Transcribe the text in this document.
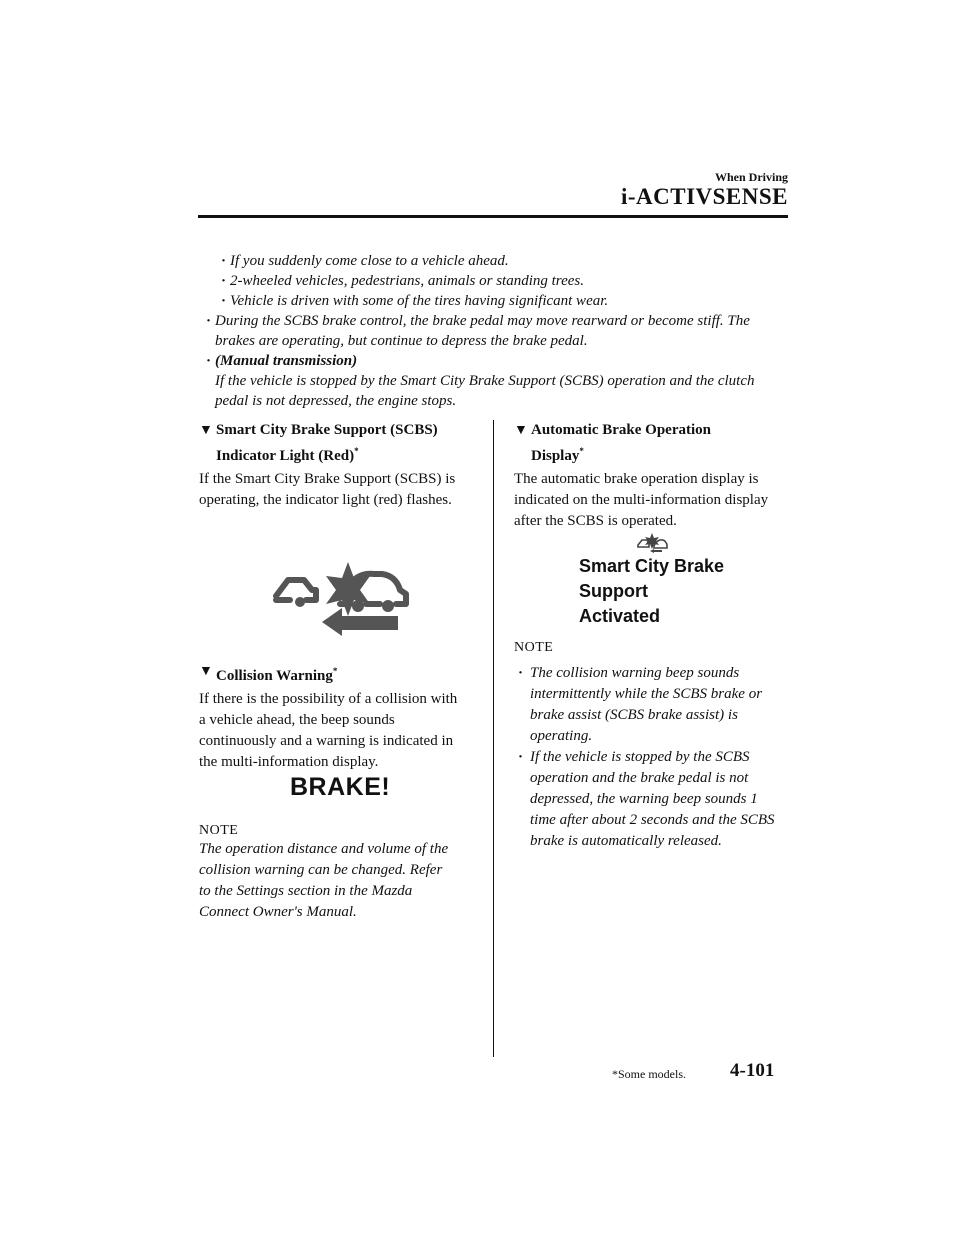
When Driving
i-ACTIVSENSE
· If you suddenly come close to a vehicle ahead.
· 2-wheeled vehicles, pedestrians, animals or standing trees.
· Vehicle is driven with some of the tires having significant wear.
· During the SCBS brake control, the brake pedal may move rearward or become stiff. The
brakes are operating, but continue to depress the brake pedal.
· (Manual transmission)
If the vehicle is stopped by the Smart City Brake Support (SCBS) operation and the clutch
pedal is not depressed, the engine stops.
▼ Smart City Brake Support (SCBS)
Indicator Light (Red)*
If the Smart City Brake Support (SCBS) is
operating, the indicator light (red) flashes.
▼ Collision Warning*
If there is the possibility of a collision with
a vehicle ahead, the beep sounds
continuously and a warning is indicated in
the multi-information display.
BRAKE!
NOTE
The operation distance and volume of the
collision warning can be changed. Refer
to the Settings section in the Mazda
Connect Owner's Manual.
▼ Automatic Brake Operation
Display*
The automatic brake operation display is
indicated on the multi-information display
after the SCBS is operated.
Smart City Brake
Support
Activated
NOTE
· The collision warning beep sounds
intermittently while the SCBS brake or
brake assist (SCBS brake assist) is
operating.
· If the vehicle is stopped by the SCBS
operation and the brake pedal is not
depressed, the warning beep sounds 1
time after about 2 seconds and the SCBS
brake is automatically released.
*Some models. 4-101
